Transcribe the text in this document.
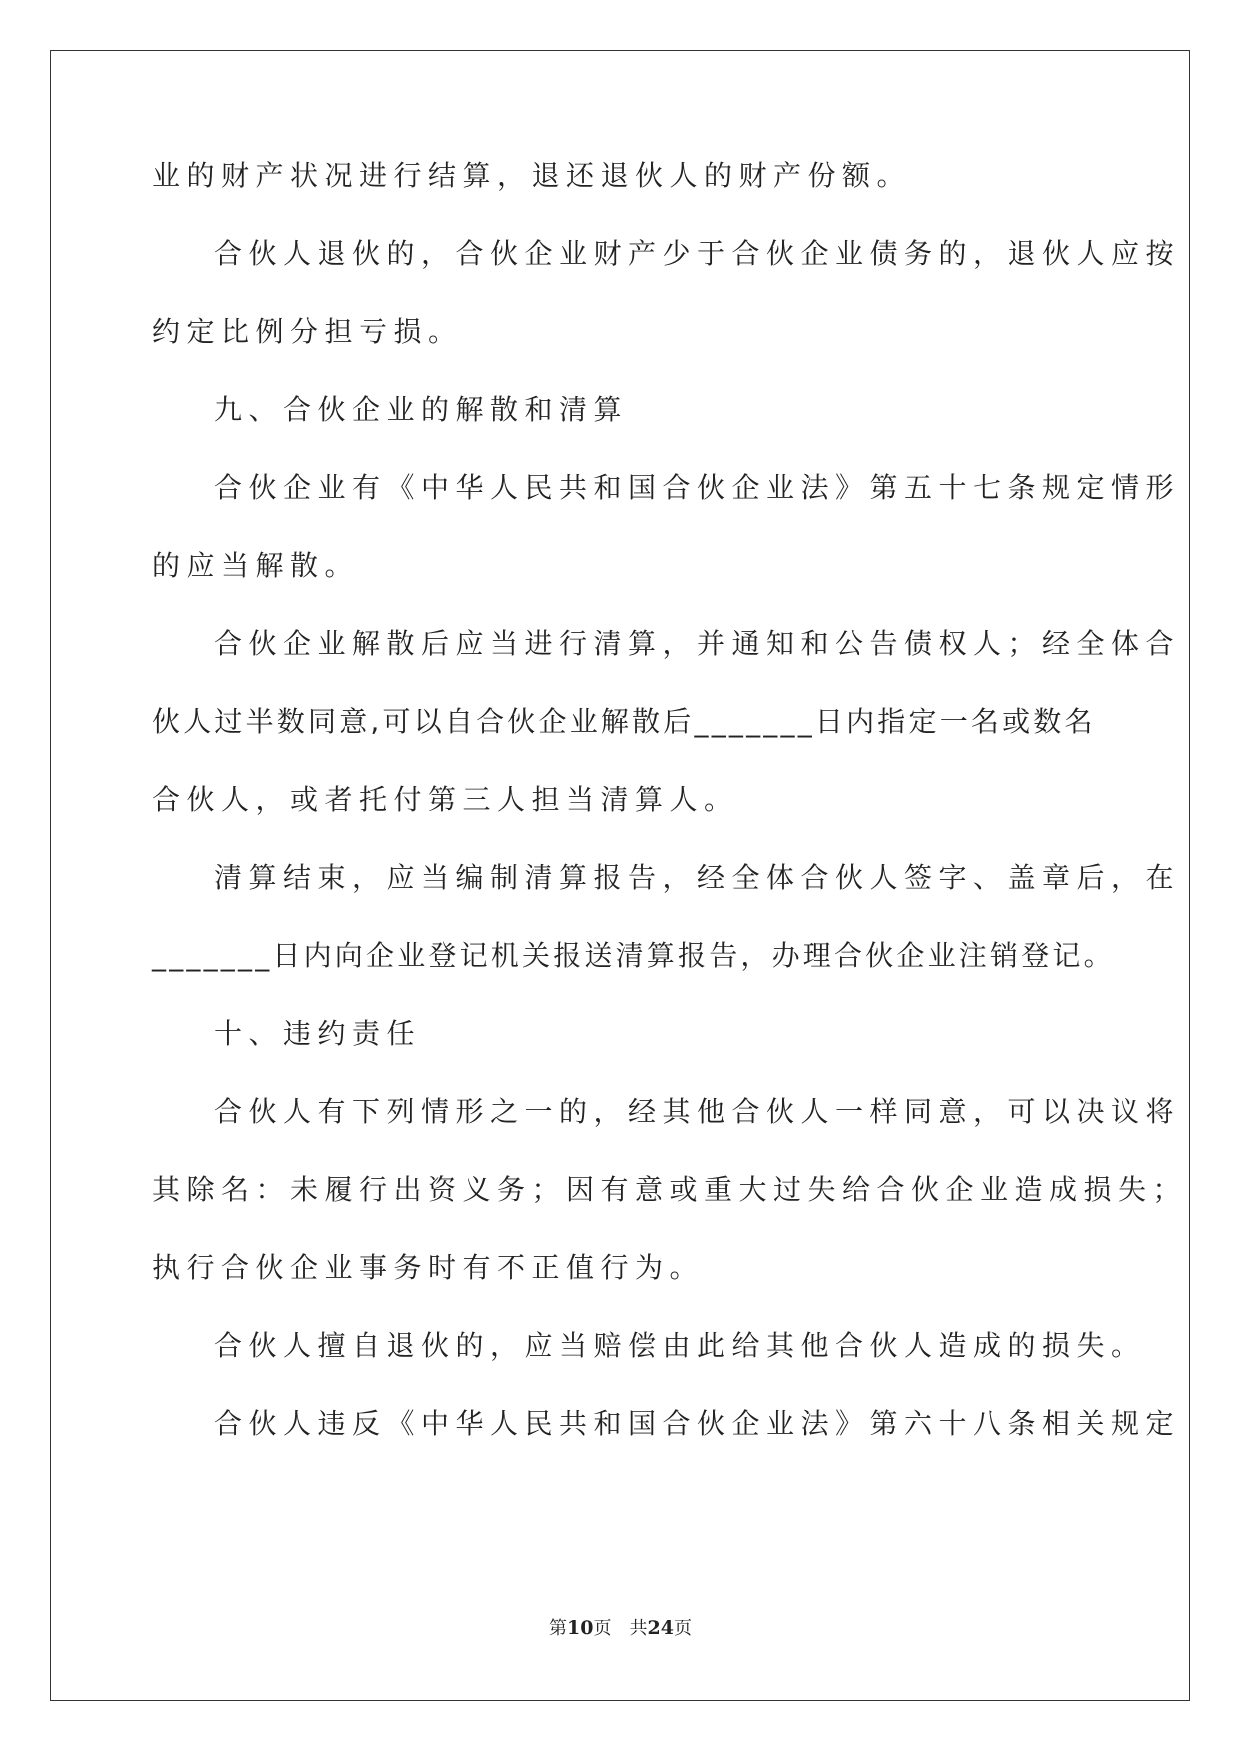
业的财产状况进行结算，退还退伙人的财产份额。
合伙人退伙的，合伙企业财产少于合伙企业债务的，退伙人应按
约定比例分担亏损。
九、合伙企业的解散和清算
合伙企业有《中华人民共和国合伙企业法》第五十七条规定情形
的应当解散。
合伙企业解散后应当进行清算，并通知和公告债权人；经全体合
伙人过半数同意,可以自合伙企业解散后_______日内指定一名或数名
合伙人，或者托付第三人担当清算人。
清算结束，应当编制清算报告，经全体合伙人签字、盖章后，在
_______日内向企业登记机关报送清算报告，办理合伙企业注销登记。
十、违约责任
合伙人有下列情形之一的，经其他合伙人一样同意，可以决议将
其除名：未履行出资义务；因有意或重大过失给合伙企业造成损失；
执行合伙企业事务时有不正值行为。
合伙人擅自退伙的，应当赔偿由此给其他合伙人造成的损失。
合伙人违反《中华人民共和国合伙企业法》第六十八条相关规定
第10页 共24页
